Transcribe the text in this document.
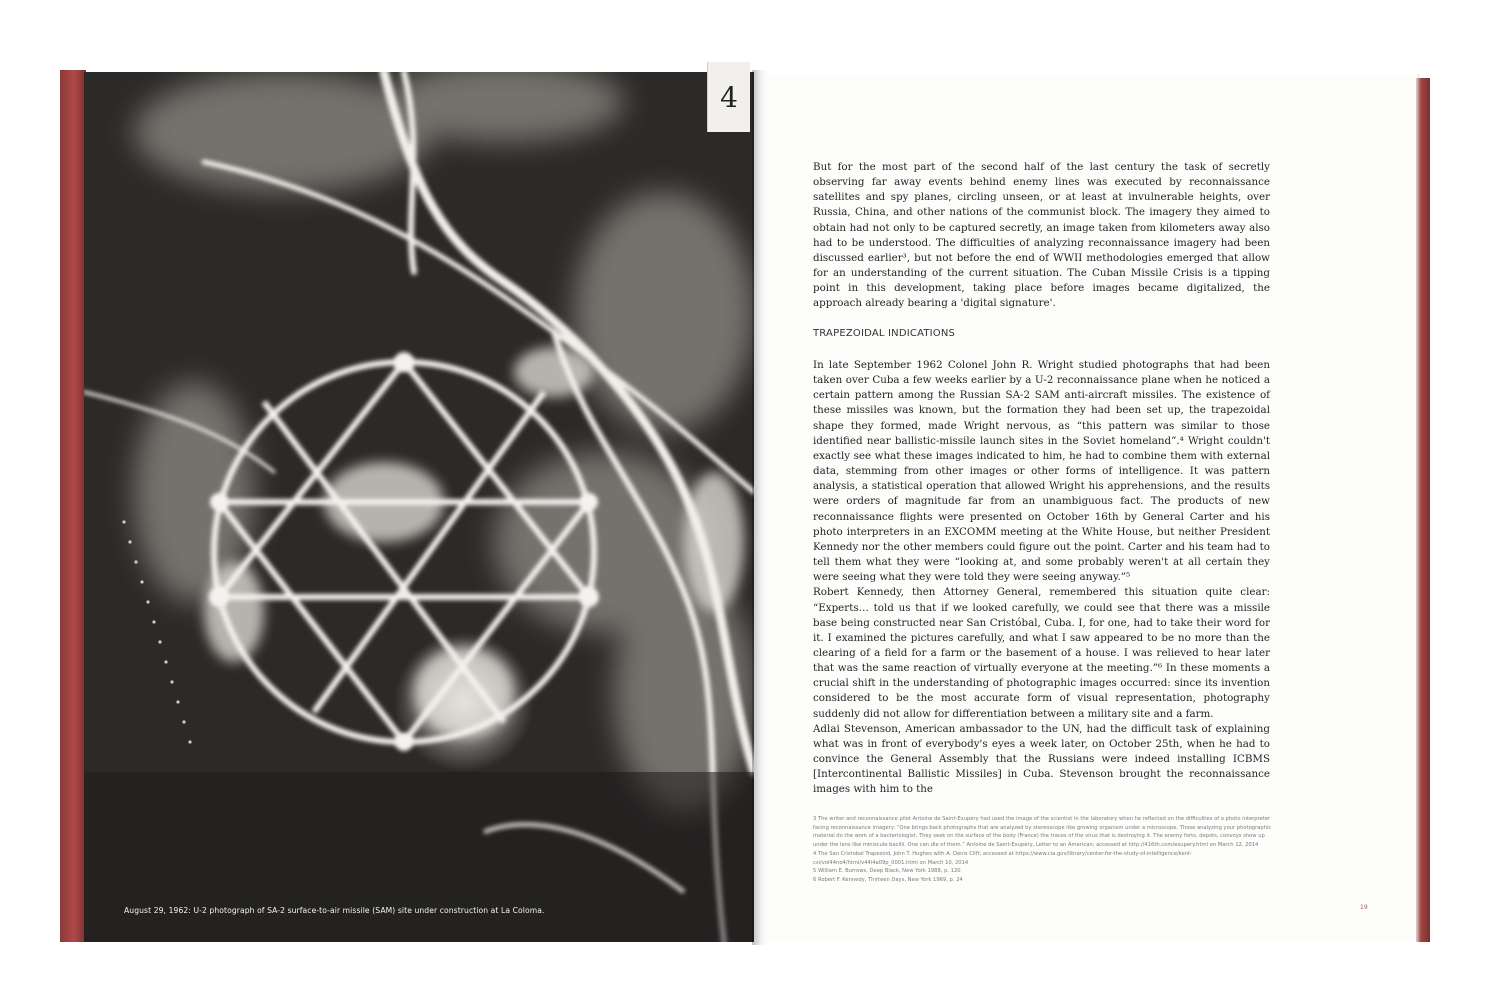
4
August 29, 1962: U-2 photograph of SA-2 surface-to-air missile (SAM) site under construction at La Coloma.

But for the most part of the second half of the last century the task of secretly observing far away events behind enemy lines was executed by reconnaissance satellites and spy planes, circling unseen, or at least at invulnerable heights, over Russia, China, and other nations of the communist block. The imagery they aimed to obtain had not only to be captured secretly, an image taken from kilometers away also had to be understood. The difficulties of analyzing reconnaissance imagery had been discussed earlier³, but not before the end of WWII methodologies emerged that allow for an understanding of the current situation. The Cuban Missile Crisis is a tipping point in this development, taking place before images became digitalized, the approach already bearing a 'digital signature'.

TRAPEZOIDAL INDICATIONS

In late September 1962 Colonel John R. Wright studied photographs that had been taken over Cuba a few weeks earlier by a U-2 reconnaissance plane when he noticed a certain pattern among the Russian SA-2 SAM anti-aircraft missiles. The existence of these missiles was known, but the formation they had been set up, the trapezoidal shape they formed, made Wright nervous, as “this pattern was similar to those identified near ballistic-missile launch sites in the Soviet homeland”.⁴ Wright couldn't exactly see what these images indicated to him, he had to combine them with external data, stemming from other images or other forms of intelligence. It was pattern analysis, a statistical operation that allowed Wright his apprehensions, and the results were orders of magnitude far from an unambiguous fact. The products of new reconnaissance flights were presented on October 16th by General Carter and his photo interpreters in an EXCOMM meeting at the White House, but neither President Kennedy nor the other members could figure out the point. Carter and his team had to tell them what they were “looking at, and some probably weren't at all certain they were seeing what they were told they were seeing anyway.”⁵

Robert Kennedy, then Attorney General, remembered this situation quite clear: “Experts… told us that if we looked carefully, we could see that there was a missile base being constructed near San Cristóbal, Cuba. I, for one, had to take their word for it. I examined the pictures carefully, and what I saw appeared to be no more than the clearing of a field for a farm or the basement of a house. I was relieved to hear later that was the same reaction of virtually everyone at the meeting.”⁶ In these moments a crucial shift in the understanding of photographic images occurred: since its invention considered to be the most accurate form of visual representation, photography suddenly did not allow for differentiation between a military site and a farm.

Adlai Stevenson, American ambassador to the UN, had the difficult task of explaining what was in front of everybody's eyes a week later, on October 25th, when he had to convince the General Assembly that the Russians were indeed installing ICBMS [Intercontinental Ballistic Missiles] in Cuba. Stevenson brought the reconnaissance images with him to the

3 The writer and reconnaissance pilot Antoine de Saint-Exupéry had used the image of the scientist in the laboratory when he reflected on the difficulties of a photo interpreter facing reconnaissance imagery: “One brings back photographs that are analyzed by stereoscope like growing organism under a microscope. Those analyzing your photographic material do the work of a bacteriologist. They seek on the surface of the body (France) the traces of the virus that is destroying it. The enemy forts, depots, convoys show up under the lens like miniscule bacilli. One can die of them.” Antoine de Saint-Exupéry, Letter to an American; accessed at http://416th.com/exupery.html on March 12, 2014

4 The San Cristobal Trapezoid, John T. Hughes with A. Denis Clift; accessed at https://www.cia.gov/library/center-for-the-study-of-intelligence/kent-csi/vol44no4/html/v44i4a09p_0001.html on March 10, 2014

5 William E. Burrows, Deep Black, New York 1988, p. 120

6 Robert F. Kennedy, Thirteen Days, New York 1969, p. 24

19
